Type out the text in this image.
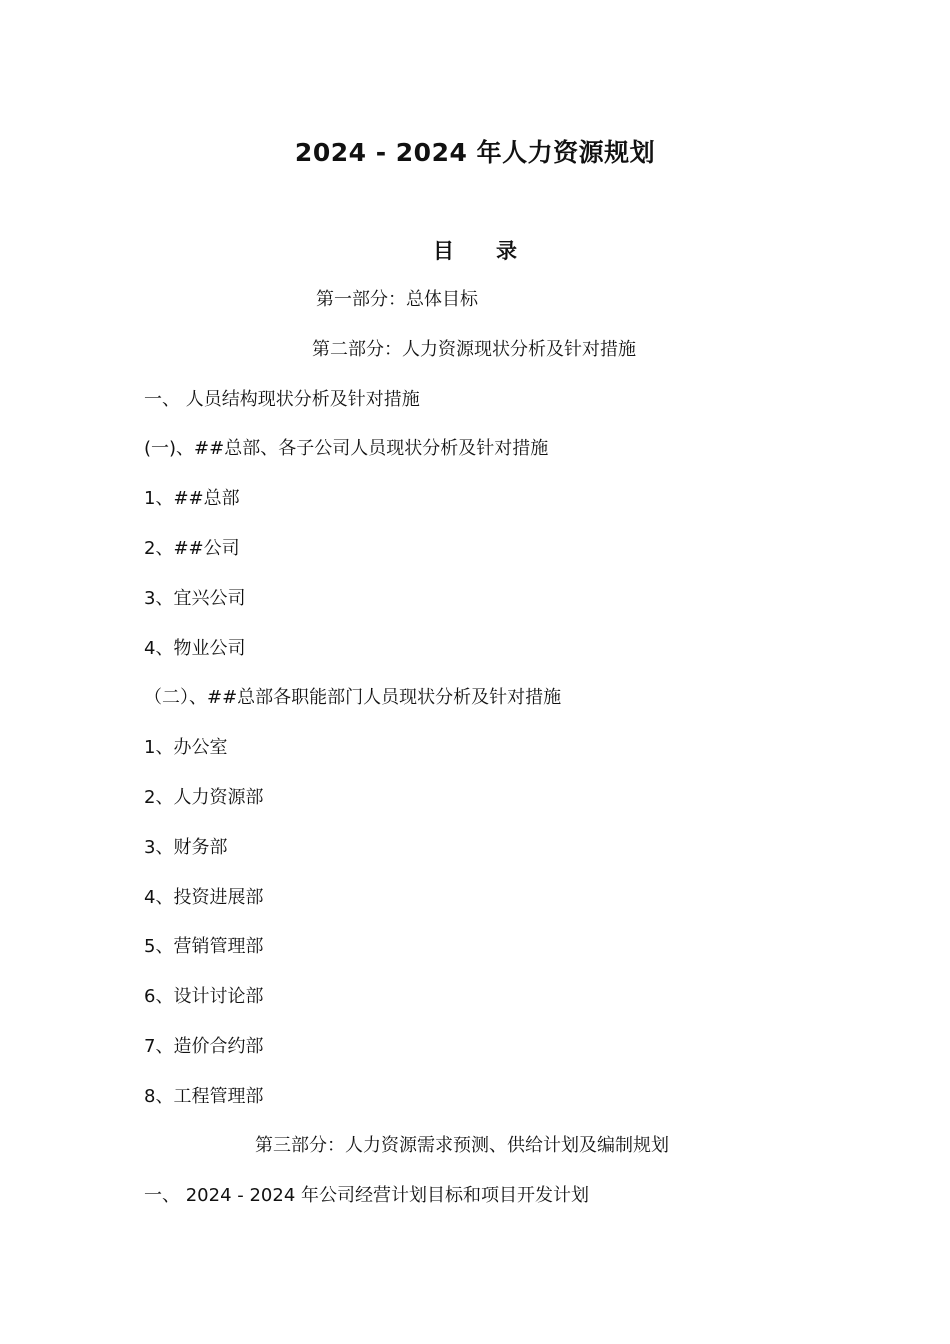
2024 - 2024 年人力资源规划
目　　录
第一部分：总体目标
第二部分：人力资源现状分析及针对措施
一、 人员结构现状分析及针对措施
(一)、##总部、各子公司人员现状分析及针对措施
1、##总部
2、##公司
3、宜兴公司
4、物业公司
（二）、##总部各职能部门人员现状分析及针对措施
1、办公室
2、人力资源部
3、财务部
4、投资进展部
5、营销管理部
6、设计讨论部
7、造价合约部
8、工程管理部
第三部分：人力资源需求预测、供给计划及编制规划
一、 2024 - 2024 年公司经营计划目标和项目开发计划
